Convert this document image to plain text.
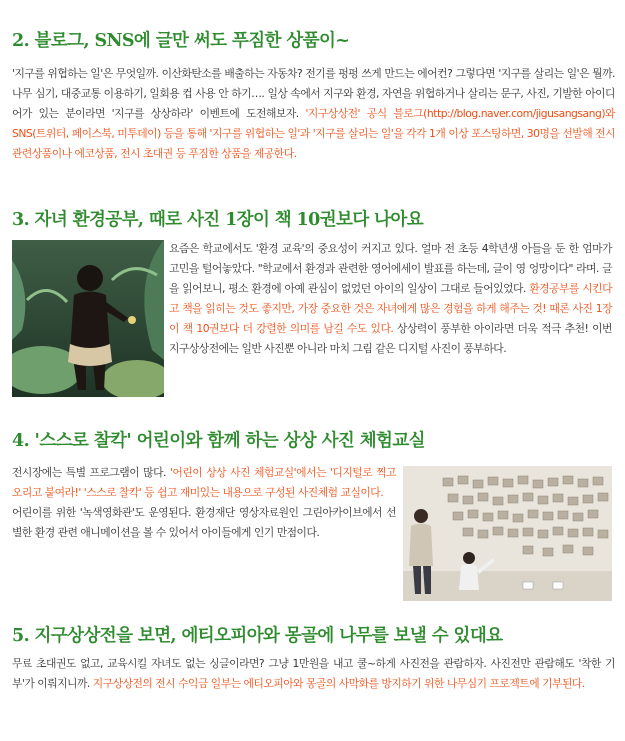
2. 블로그, SNS에 글만 써도 푸짐한 상품이~

'지구를 위협하는 일'은 무엇일까. 이산화탄소를 배출하는 자동차? 전기를 펑펑 쓰게 만드는 에어컨? 그렇다면 '지구를 살리는 일'은 뭘까. 나무 심기, 대중교통 이용하기, 일회용 컵 사용 안 하기…. 일상 속에서 지구와 환경, 자연을 위협하거나 살리는 문구, 사진, 기발한 아이디어가 있는 분이라면 '지구를 상상하라' 이벤트에 도전해보자. '지구상상전' 공식 블로그(http://blog.naver.com/jigusangsang)와 SNS(트위터, 페이스북, 미투데이) 등을 통해 '지구를 위협하는 일'과 '지구를 살리는 일'을 각각 1개 이상 포스팅하면, 30명을 선발해 전시 관련상품이나 에코상품, 전시 초대권 등 푸짐한 상품을 제공한다.

3. 자녀 환경공부, 때로 사진 1장이 책 10권보다 나아요

요즘은 학교에서도 '환경 교육'의 중요성이 커지고 있다. 얼마 전 초등 4학년생 아들을 둔 한 엄마가 고민을 털어놓았다. "학교에서 환경과 관련한 영어에세이 발표를 하는데, 글이 영 엉망이다" 라며. 글을 읽어보니, 평소 환경에 아예 관심이 없었던 아이의 일상이 그대로 들어있었다. 환경공부를 시킨다고 책을 읽히는 것도 좋지만, 가장 중요한 것은 자녀에게 많은 경험을 하게 해주는 것! 때론 사진 1장이 책 10권보다 더 강렬한 의미를 남길 수도 있다. 상상력이 풍부한 아이라면 더욱 적극 추천! 이번 지구상상전에는 일반 사진뿐 아니라 마치 그림 같은 디지털 사진이 풍부하다.

4. '스스로 찰칵' 어린이와 함께 하는 상상 사진 체험교실

전시장에는 특별 프로그램이 많다. '어린이 상상 사진 체험교실'에서는 '디지털로 찍고 오리고 붙여라!' '스스로 찰칵' 등 쉽고 재미있는 내용으로 구성된 사진체험 교실이다.
어린이를 위한 '녹색영화관'도 운영된다. 환경재단 영상자료원인 그린아카이브에서 선별한 환경 관련 애니메이션을 볼 수 있어서 아이들에게 인기 만점이다.

5. 지구상상전을 보면, 에티오피아와 몽골에 나무를 보낼 수 있대요

무료 초대권도 없고, 교육시킬 자녀도 없는 싱글이라면? 그냥 1만원을 내고 쿨~하게 사진전을 관람하자. 사진전만 관람해도 '착한 기부'가 이뤄지니까. 지구상상전의 전시 수익금 일부는 에티오피아와 몽골의 사막화를 방지하기 위한 나무심기 프로젝트에 기부된다.
